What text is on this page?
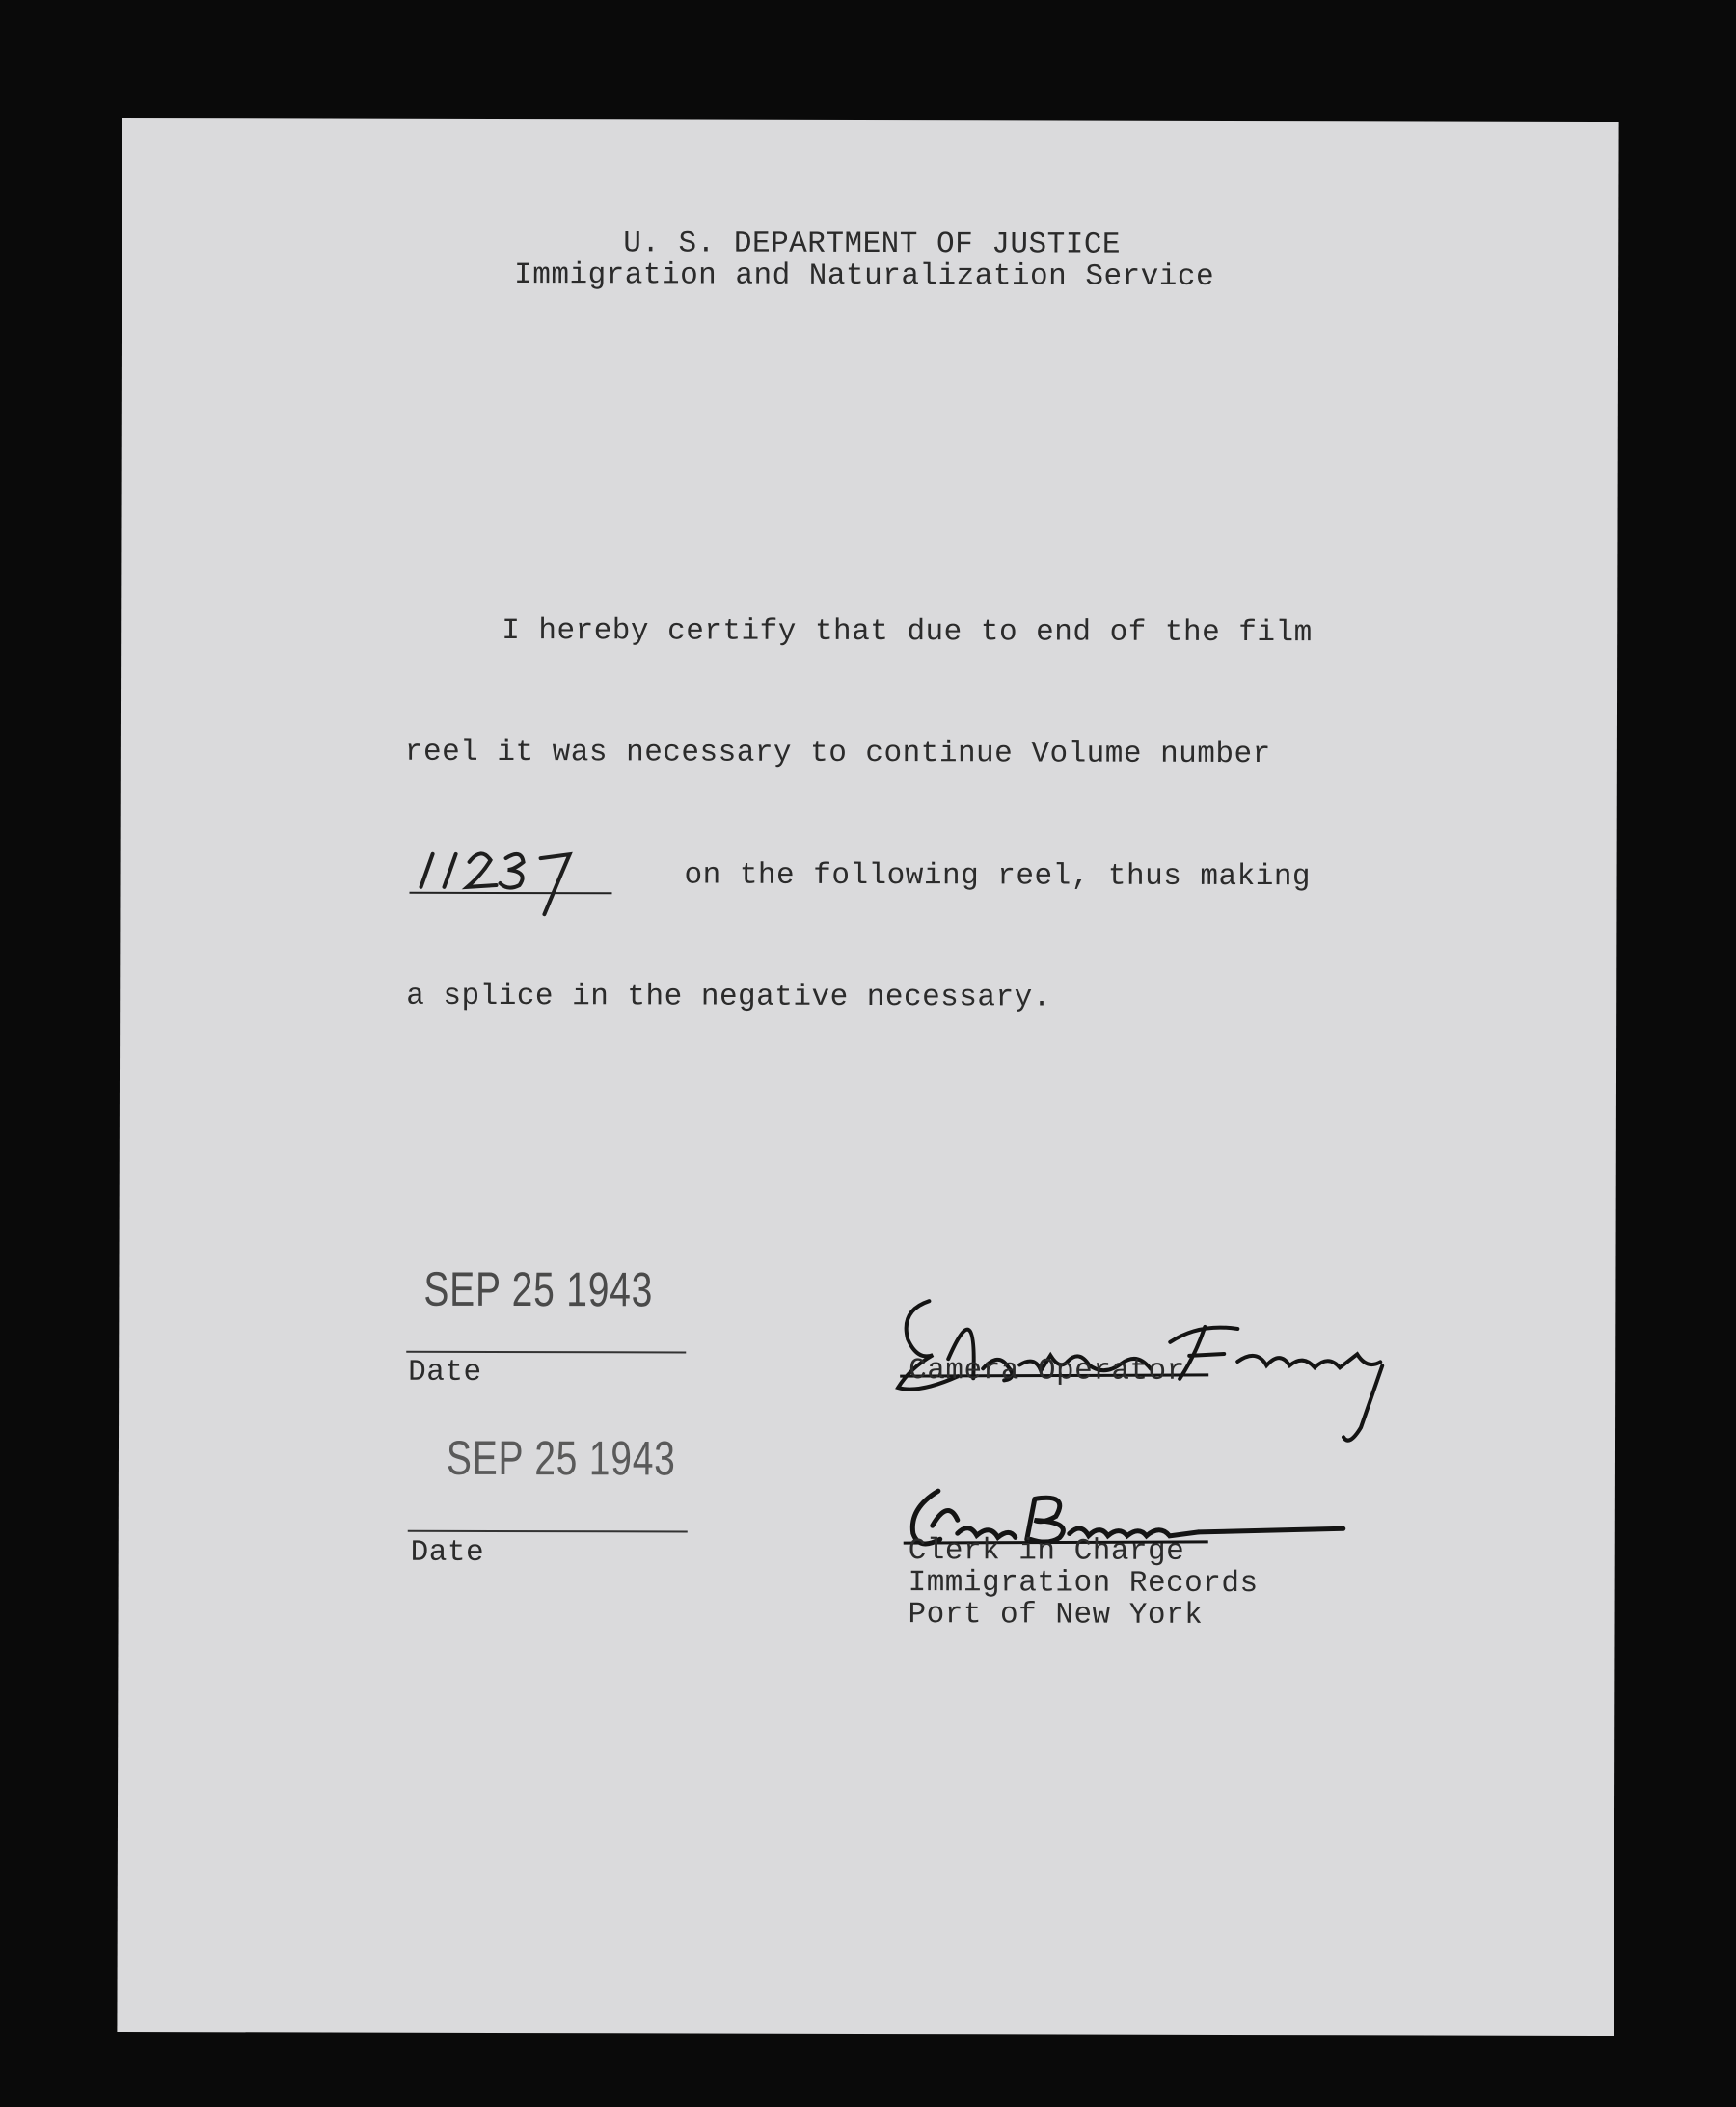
U. S. DEPARTMENT OF JUSTICE
Immigration and Naturalization Service
I hereby certify that due to end of the film
reel it was necessary to continue Volume number
on the following reel, thus making
a splice in the negative necessary.
SEP 25 1943
Date
SEP 25 1943
Date
Camera Operator
Clerk in Charge
Immigration Records
Port of New York
